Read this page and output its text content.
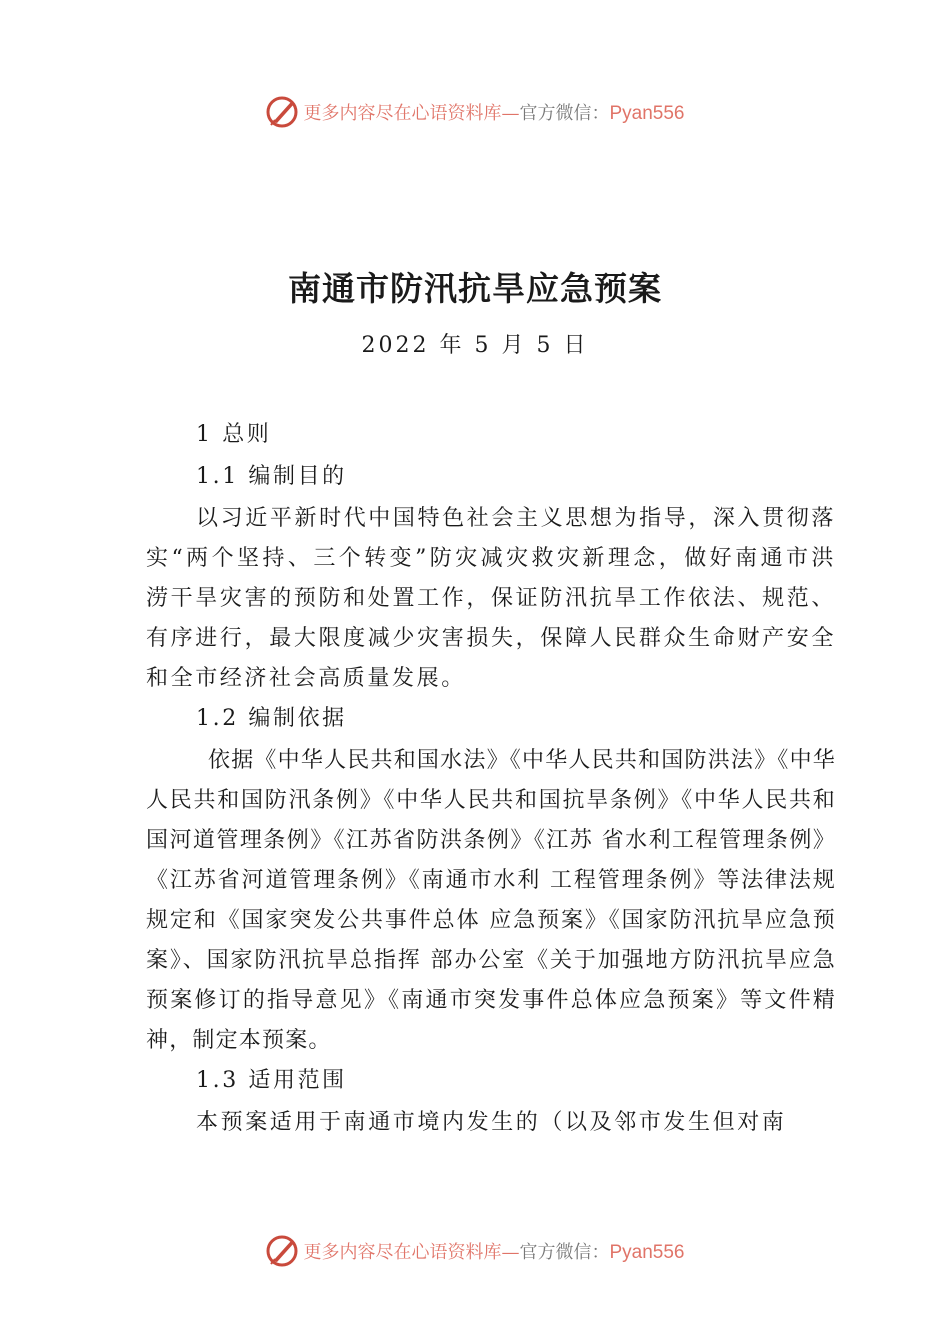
更多内容尽在心语资料库—官方微信：Pyan556
南通市防汛抗旱应急预案
2022 年 5 月 5 日
1 总则
1.1 编制目的
以习近平新时代中国特色社会主义思想为指导，深入贯彻落实“两个坚持、三个转变”防灾减灾救灾新理念，做好南通市洪涝干旱灾害的预防和处置工作，保证防汛抗旱工作依法、规范、有序进行，最大限度减少灾害损失，保障人民群众生命财产安全和全市经济社会高质量发展。
1.2 编制依据
依据《中华人民共和国水法》《中华人民共和国防洪法》《中华人民共和国防汛条例》《中华人民共和国抗旱条例》《中华人民共和国河道管理条例》《江苏省防洪条例》《江苏 省水利工程管理条例》《江苏省河道管理条例》《南通市水利 工程管理条例》等法律法规规定和《国家突发公共事件总体 应急预案》《国家防汛抗旱应急预案》、国家防汛抗旱总指挥 部办公室《关于加强地方防汛抗旱应急预案修订的指导意见》《南通市突发事件总体应急预案》等文件精神，制定本预案。
1.3 适用范围
本预案适用于南通市境内发生的（以及邻市发生但对南
更多内容尽在心语资料库—官方微信：Pyan556
